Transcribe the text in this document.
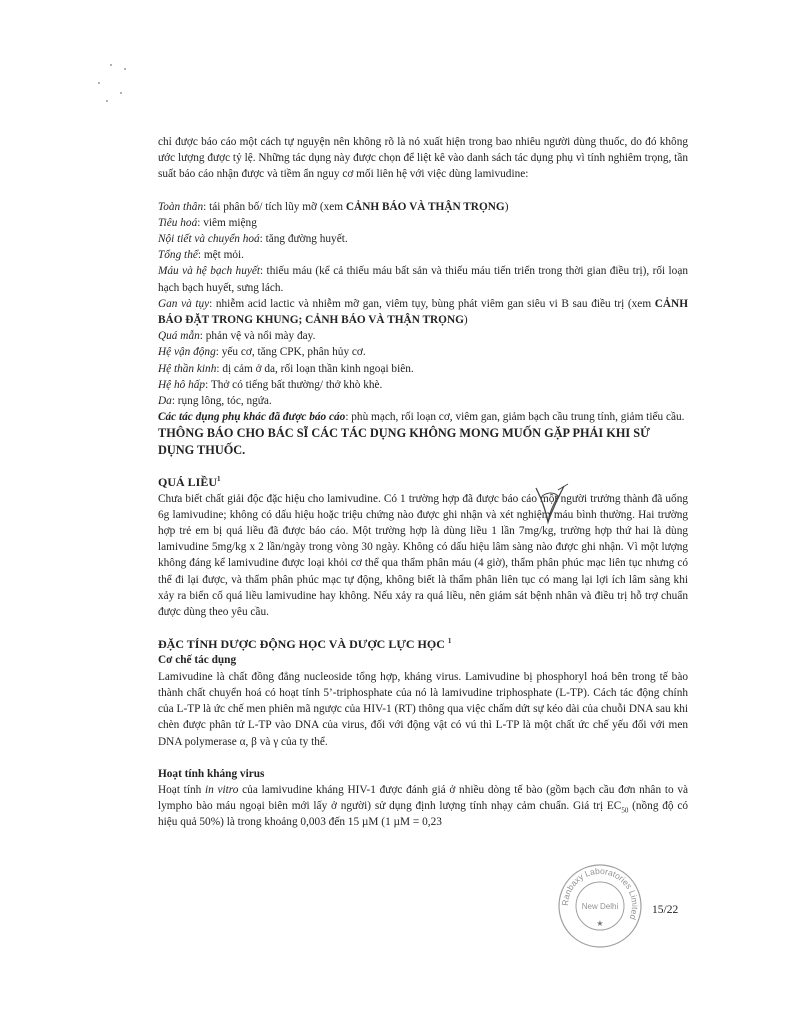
chỉ được báo cáo một cách tự nguyện nên không rõ là nó xuất hiện trong bao nhiêu người dùng thuốc, do đó không ước lượng được tỷ lệ. Những tác dụng này được chọn để liệt kê vào danh sách tác dụng phụ vì tính nghiêm trọng, tần suất báo cáo nhận được và tiềm ẩn nguy cơ mối liên hệ với việc dùng lamivudine:

Toàn thân: tái phân bố/ tích lũy mỡ (xem CẢNH BÁO VÀ THẬN TRỌNG)

Tiêu hoá: viêm miệng

Nội tiết và chuyển hoá: tăng đường huyết.

Tổng thể: mệt mỏi.

Máu và hệ bạch huyết: thiếu máu (kể cả thiếu máu bất sản và thiếu máu tiến triển trong thời gian điều trị), rối loạn hạch bạch huyết, sưng lách.

Gan và tụy: nhiễm acid lactic và nhiễm mỡ gan, viêm tụy, bùng phát viêm gan siêu vi B sau điều trị (xem CẢNH BÁO ĐẶT TRONG KHUNG; CẢNH BÁO VÀ THẬN TRỌNG)

Quá mẫn: phản vệ và nổi mày đay.

Hệ vận động: yếu cơ, tăng CPK, phân hủy cơ.

Hệ thần kinh: dị cảm ở da, rối loạn thần kinh ngoại biên.

Hệ hô hấp: Thở có tiếng bất thường/ thở khò khè.

Da: rụng lông, tóc, ngứa.

Các tác dụng phụ khác đã được báo cáo: phù mạch, rối loạn cơ, viêm gan, giảm bạch cầu trung tính, giảm tiểu cầu.

THÔNG BÁO CHO BÁC SĨ CÁC TÁC DỤNG KHÔNG MONG MUỐN GẶP PHẢI KHI SỬ DỤNG THUỐC.

QUÁ LIỀU$^1$

Chưa biết chất giải độc đặc hiệu cho lamivudine. Có 1 trường hợp đã được báo cáo một người trưởng thành đã uống 6g lamivudine; không có dấu hiệu hoặc triệu chứng nào được ghi nhận và xét nghiệm máu bình thường. Hai trường hợp trẻ em bị quá liều đã được báo cáo. Một trường hợp là dùng liều 1 lần 7mg/kg, trường hợp thứ hai là dùng lamivudine 5mg/kg x 2 lần/ngày trong vòng 30 ngày. Không có dấu hiệu lâm sàng nào được ghi nhận. Vì một lượng không đáng kể lamivudine được loại khỏi cơ thể qua thẩm phân máu (4 giờ), thẩm phân phúc mạc liên tục nhưng có thể đi lại được, và thẩm phân phúc mạc tự động, không biết là thẩm phân liên tục có mang lại lợi ích lâm sàng khi xảy ra biến cố quá liều lamivudine hay không. Nếu xảy ra quá liều, nên giám sát bệnh nhân và điều trị hỗ trợ chuẩn được dùng theo yêu cầu.

ĐẶC TÍNH DƯỢC ĐỘNG HỌC VÀ DƯỢC LỰC HỌC $^1$

Cơ chế tác dụng

Lamivudine là chất đồng đẳng nucleoside tổng hợp, kháng virus. Lamivudine bị phosphoryl hoá bên trong tế bào thành chất chuyển hoá có hoạt tính 5’-triphosphate của nó là lamivudine triphosphate (L-TP). Cách tác động chính của L-TP là ức chế men phiên mã ngược của HIV-1 (RT) thông qua việc chấm dứt sự kéo dài của chuỗi DNA sau khi chèn được phân tử L-TP vào DNA của virus, đối với động vật có vú thì L-TP là một chất ức chế yếu đối với men DNA polymerase α, β và γ của ty thể.

Hoạt tính kháng virus

Hoạt tính in vitro của lamivudine kháng HIV-1 được đánh giá ở nhiều dòng tế bào (gồm bạch cầu đơn nhân to và lympho bào máu ngoại biên mới lấy ở người) sử dụng định lượng tính nhạy cảm chuẩn. Giá trị $EC_{50}$ (nồng độ có hiệu quả 50%) là trong khoảng 0,003 đến 15 µM (1 µM = 0,23

Ranbaxy Laboratories Limited
New Delhi
★
15/22
